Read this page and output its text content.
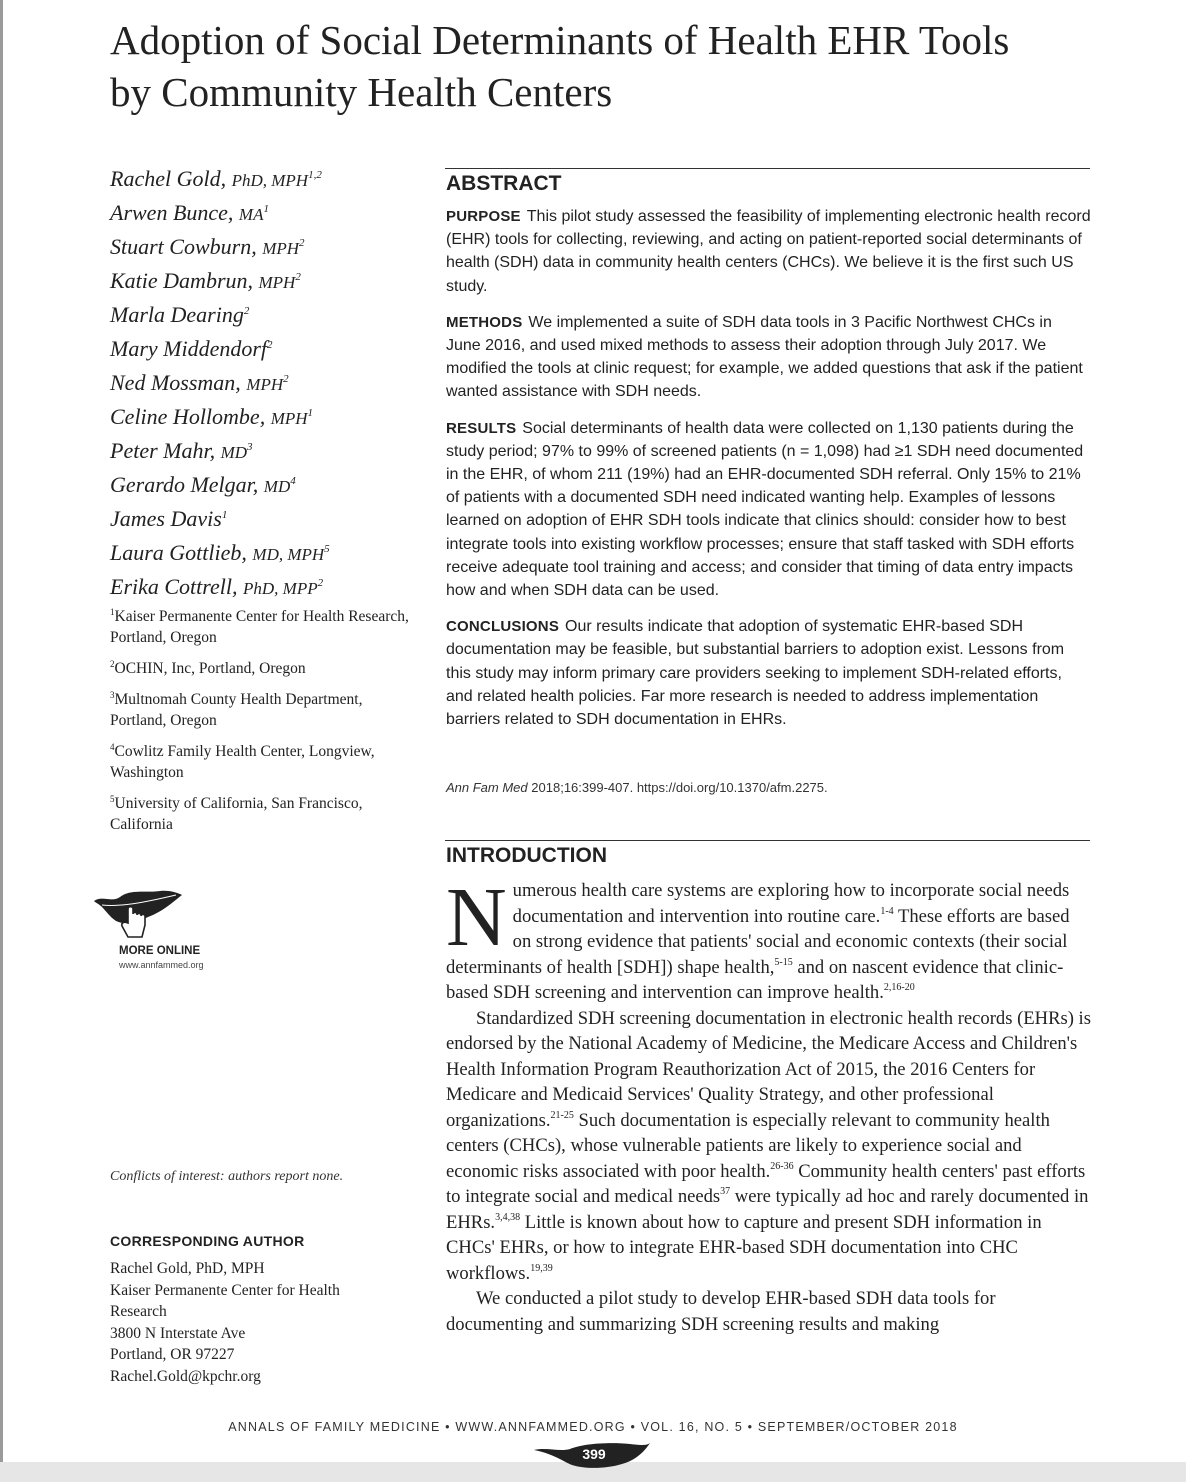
Adoption of Social Determinants of Health EHR Tools
by Community Health Centers
Rachel Gold, PhD, MPH$^{1,2}$
Arwen Bunce, $MA^1$
Stuart Cowburn, MPH$^2$
Katie Dambrun, MPH$^2$
Marla Dearing$^2$
Mary Middendorf$^2$
Ned Mossman, MPH$^2$
Celine Hollombe, MPH$^1$
Peter Mahr, $MD^3$
Gerardo Melgar, $MD^4$
James Davis$^1$
Laura Gottlieb, MD, MPH$^5$
Erika Cottrell, PhD, MPP$^2$
$^1$Kaiser Permanente Center for Health Research, Portland, Oregon
$^2$OCHIN, Inc, Portland, Oregon
$^3$Multnomah County Health Department, Portland, Oregon
$^4$Cowlitz Family Health Center, Longview, Washington
$^5$University of California, San Francisco, California
MORE ONLINE
www.annfammed.org
Conflicts of interest: authors report none.
CORRESPONDING AUTHOR
Rachel Gold, PhD, MPH
Kaiser Permanente Center for Health
Research
3800 N Interstate Ave
Portland, OR 97227
Rachel.Gold@kpchr.org
ABSTRACT

PURPOSE This pilot study assessed the feasibility of implementing electronic health record (EHR) tools for collecting, reviewing, and acting on patient-reported social determinants of health (SDH) data in community health centers (CHCs). We believe it is the first such US study.

METHODS We implemented a suite of SDH data tools in 3 Pacific Northwest CHCs in June 2016, and used mixed methods to assess their adoption through July 2017. We modified the tools at clinic request; for example, we added questions that ask if the patient wanted assistance with SDH needs.

RESULTS Social determinants of health data were collected on 1,130 patients during the study period; 97% to 99% of screened patients (n = 1,098) had ≥1 SDH need documented in the EHR, of whom 211 (19%) had an EHR-documented SDH referral. Only 15% to 21% of patients with a documented SDH need indicated wanting help. Examples of lessons learned on adoption of EHR SDH tools indicate that clinics should: consider how to best integrate tools into existing workflow processes; ensure that staff tasked with SDH efforts receive adequate tool training and access; and consider that timing of data entry impacts how and when SDH data can be used.

CONCLUSIONS Our results indicate that adoption of systematic EHR-based SDH documentation may be feasible, but substantial barriers to adoption exist. Lessons from this study may inform primary care providers seeking to implement SDH-related efforts, and related health policies. Far more research is needed to address implementation barriers related to SDH documentation in EHRs.

Ann Fam Med 2018;16:399-407. https://doi.org/10.1370/afm.2275.
INTRODUCTION

Numerous health care systems are exploring how to incorporate social needs documentation and intervention into routine care.$^{1-4}$ These efforts are based on strong evidence that patients' social and economic contexts (their social determinants of health [SDH]) shape health,$^{5-15}$ and on nascent evidence that clinic-based SDH screening and intervention can improve health.$^{2,16-20}$

Standardized SDH screening documentation in electronic health records (EHRs) is endorsed by the National Academy of Medicine, the Medicare Access and Children's Health Information Program Reauthorization Act of 2015, the 2016 Centers for Medicare and Medicaid Services' Quality Strategy, and other professional organizations.$^{21-25}$ Such documentation is especially relevant to community health centers (CHCs), whose vulnerable patients are likely to experience social and economic risks associated with poor health.$^{26-36}$ Community health centers' past efforts to integrate social and medical needs$^{37}$ were typically ad hoc and rarely documented in EHRs.$^{3,4,38}$ Little is known about how to capture and present SDH information in CHCs' EHRs, or how to integrate EHR-based SDH documentation into CHC workflows.$^{19,39}$

We conducted a pilot study to develop EHR-based SDH data tools for documenting and summarizing SDH screening results and making

ANNALS OF FAMILY MEDICINE • WWW.ANNFAMMED.ORG • VOL. 16, NO. 5 • SEPTEMBER/OCTOBER 2018
399
